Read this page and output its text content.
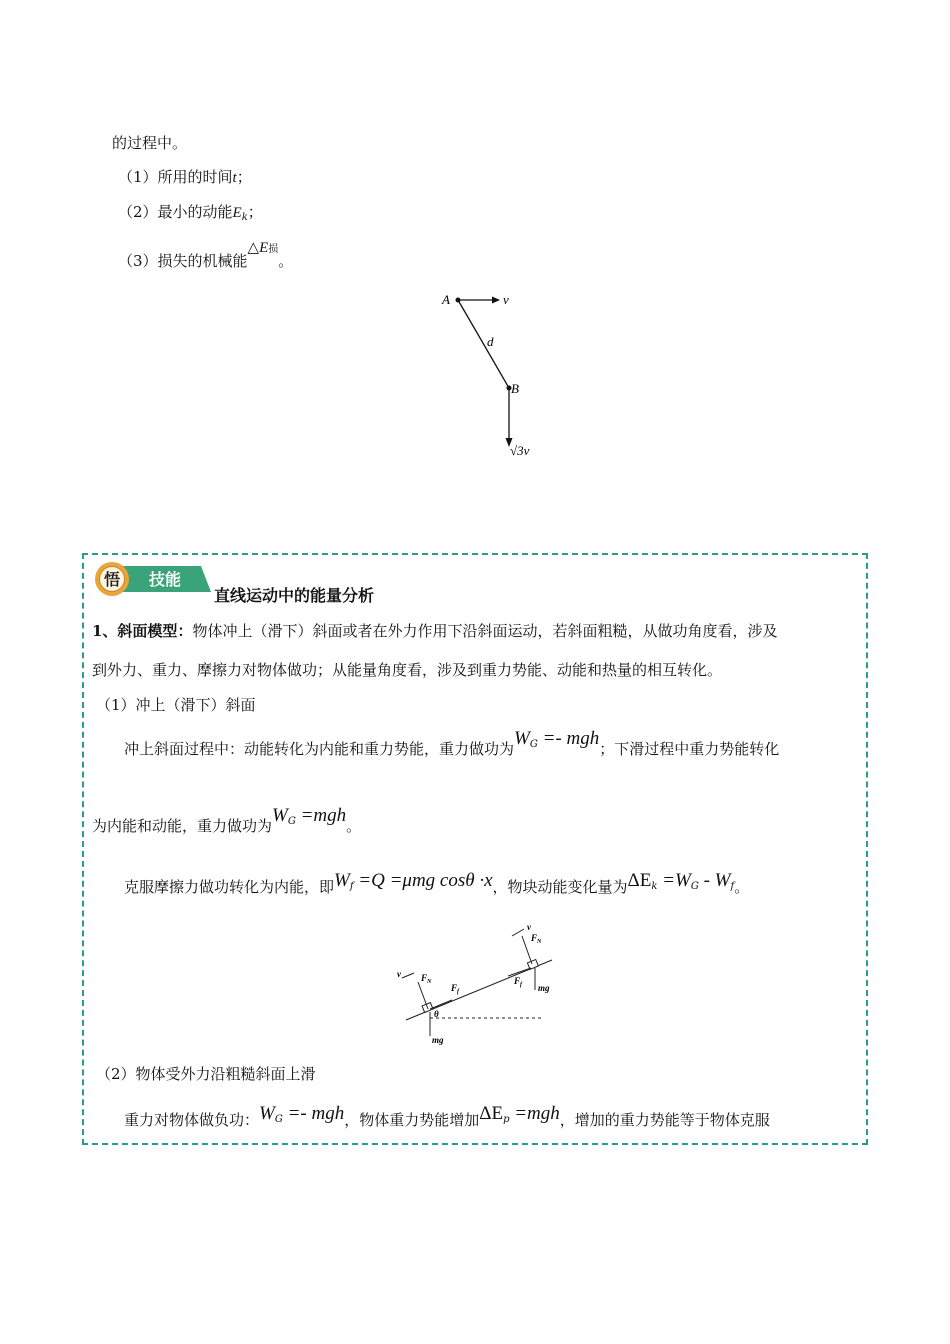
的过程中。
（1）所用的时间t；
（2）最小的动能$E_k$；
（3）损失的机械能△E损。
A	v
d
B
√3v
悟 技能
直线运动中的能量分析
1、斜面模型：物体冲上（滑下）斜面或者在外力作用下沿斜面运动，若斜面粗糙，从做功角度看，涉及
到外力、重力、摩擦力对物体做功；从能量角度看，涉及到重力势能、动能和热量的相互转化。
（1）冲上（滑下）斜面
冲上斜面过程中：动能转化为内能和重力势能，重力做功为$W_G$ =- mgh；下滑过程中重力势能转化
为内能和动能，重力做功为$W_G =mgh$。
克服摩擦力做功转化为内能，即$W_f =Q =\mu mg$ cosθ ·x，物块动能变化量为$\Delta E_k =W_G - W_f$。
v $F_N$
$F_f$
θ
mg
v
$F_N$
$F_f$ mg
（2）物体受外力沿粗糙斜面上滑
重力对物体做负功：$W_G$ =- mgh，物体重力势能增加$\Delta E_p =mgh$，增加的重力势能等于物体克服
